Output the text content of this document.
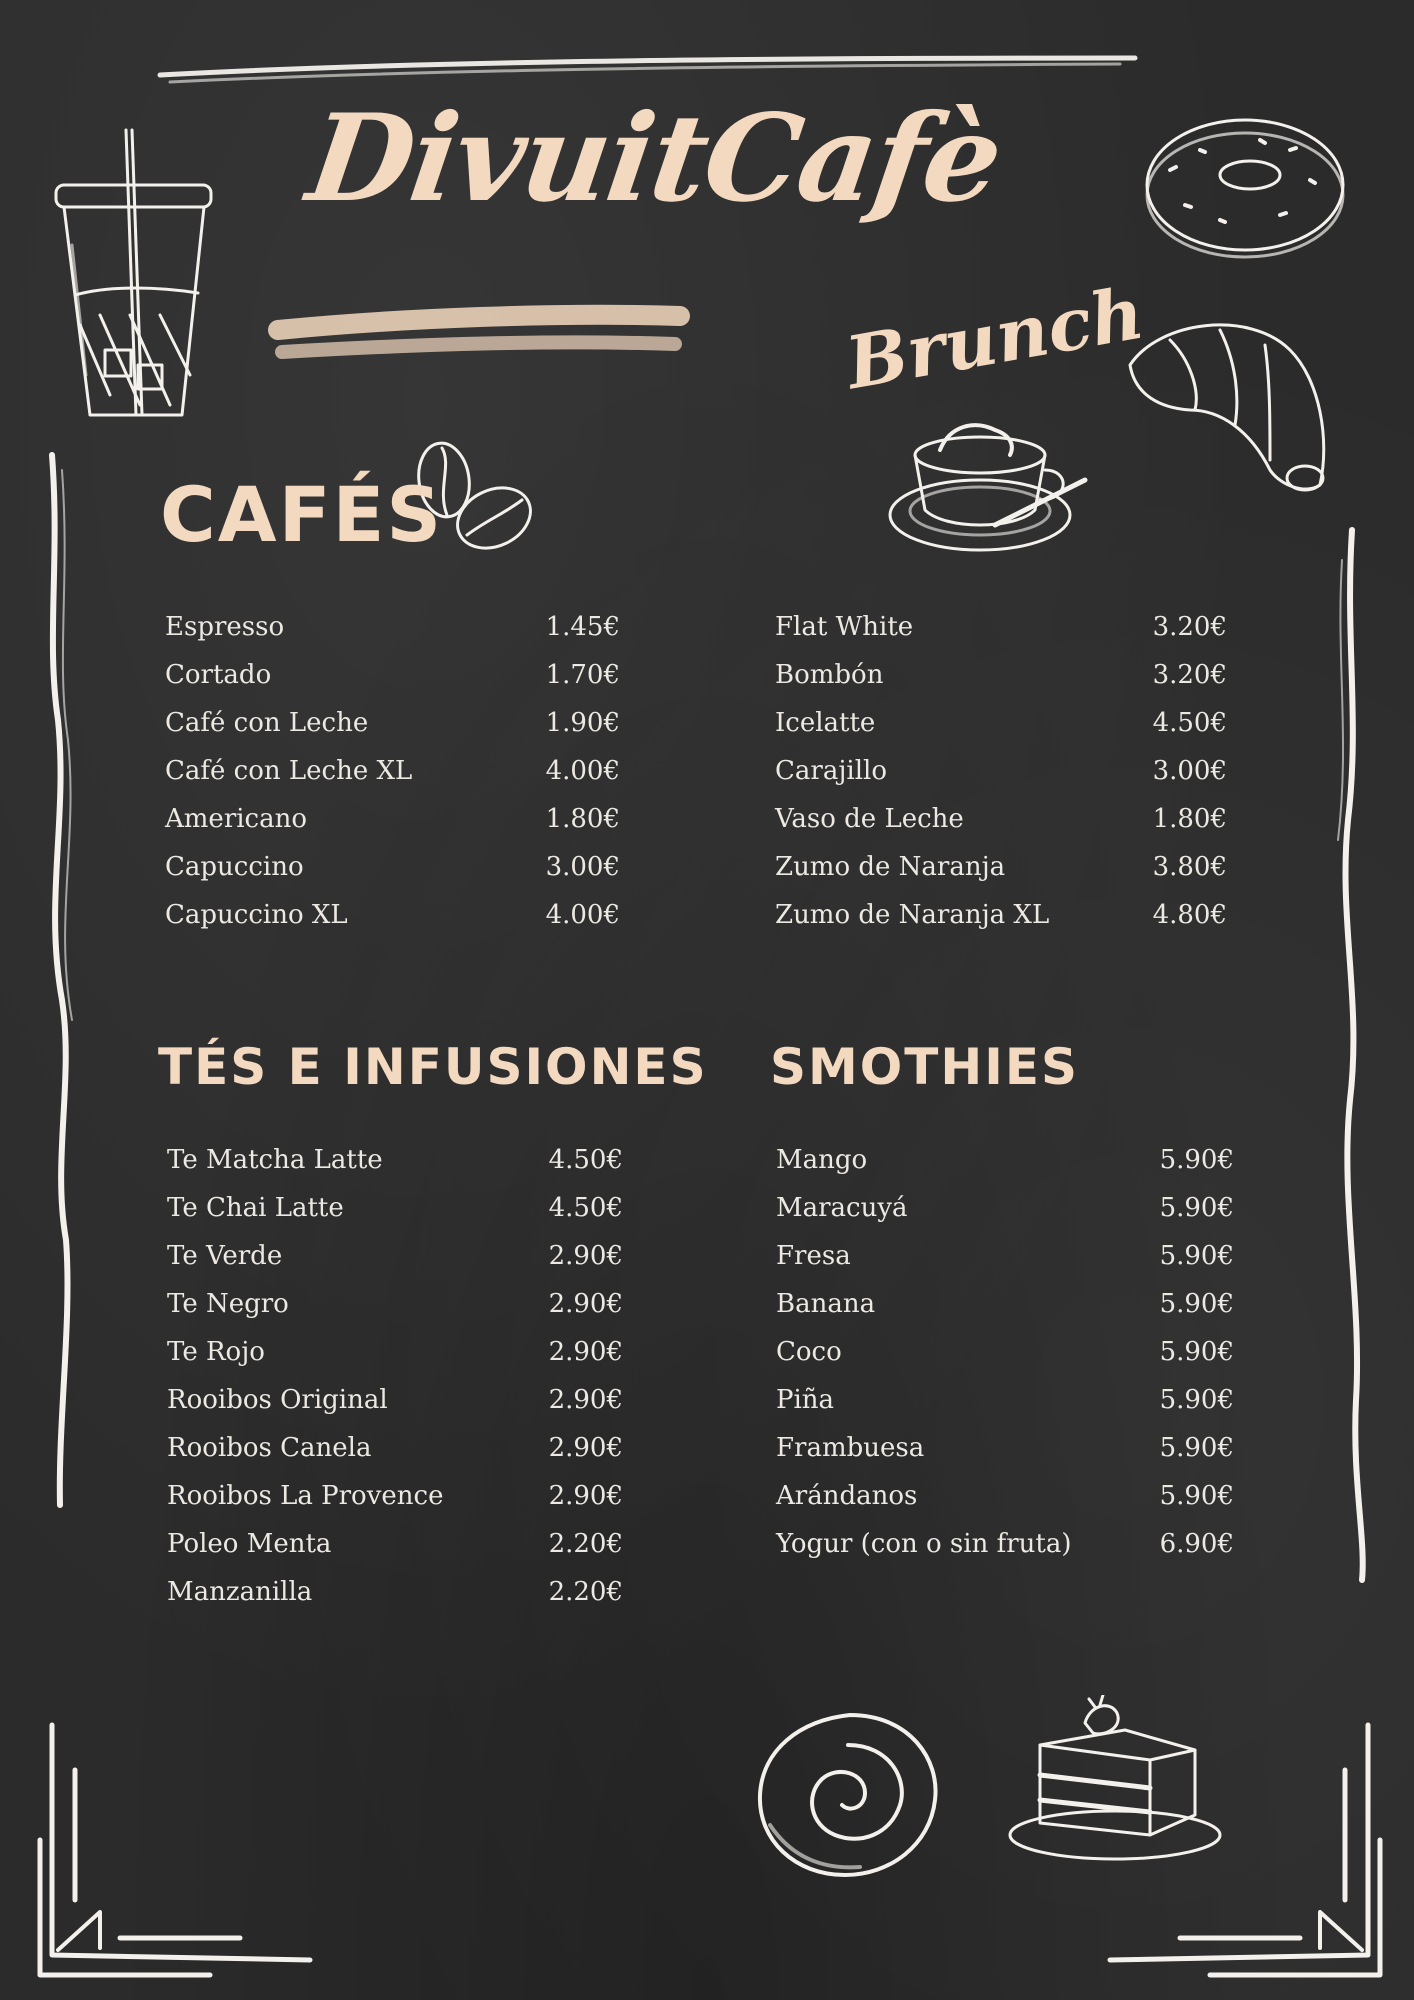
DivuitCafè
Brunch
CAFÉS
Espresso	1.45€
Cortado	1.70€
Café con Leche	1.90€
Café con Leche XL	4.00€
Americano	1.80€
Capuccino	3.00€
Capuccino XL	4.00€
Flat White	3.20€
Bombón	3.20€
Icelatte	4.50€
Carajillo	3.00€
Vaso de Leche	1.80€
Zumo de Naranja	3.80€
Zumo de Naranja XL	4.80€
TÉS E INFUSIONES
Te Matcha Latte	4.50€
Te Chai Latte	4.50€
Te Verde	2.90€
Te Negro	2.90€
Te Rojo	2.90€
Rooibos Original	2.90€
Rooibos Canela	2.90€
Rooibos La Provence	2.90€
Poleo Menta	2.20€
Manzanilla	2.20€
SMOTHIES
Mango	5.90€
Maracuyá	5.90€
Fresa	5.90€
Banana	5.90€
Coco	5.90€
Piña	5.90€
Frambuesa	5.90€
Arándanos	5.90€
Yogur (con o sin fruta)	6.90€
